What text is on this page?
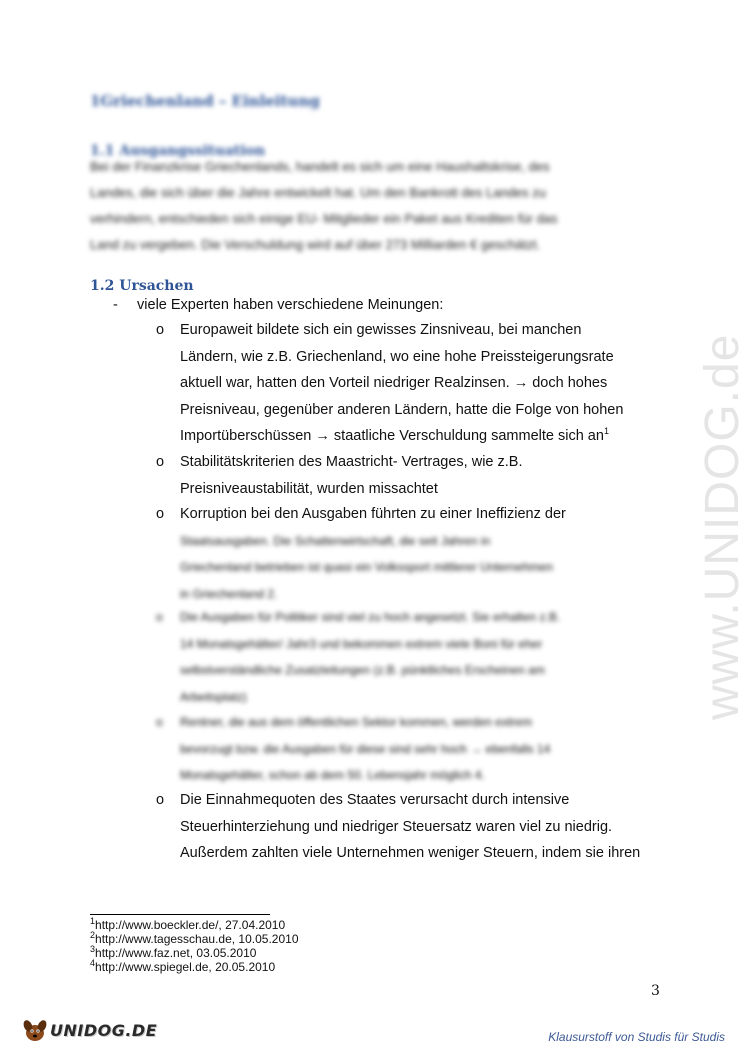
www.UNIDOG.de
1Griechenland – Einleitung
1.1 Ausgangssituation
Bei der Finanzkrise Griechenlands, handelt es sich um eine Haushaltskrise, des
Landes, die sich über die Jahre entwickelt hat. Um den Bankrott des Landes zu
verhindern, entschieden sich einige EU- Mitglieder ein Paket aus Krediten für das
Land zu vergeben. Die Verschuldung wird auf über 273 Milliarden € geschätzt.
1.2 Ursachen
- viele Experten haben verschiedene Meinungen:
o Europaweit bildete sich ein gewisses Zinsniveau, bei manchen
Ländern, wie z.B. Griechenland, wo eine hohe Preissteigerungsrate
aktuell war, hatten den Vorteil niedriger Realzinsen. → doch hohes
Preisniveau, gegenüber anderen Ländern, hatte die Folge von hohen
Importüberschüssen → staatliche Verschuldung sammelte sich $an^1$
o Stabilitätskriterien des Maastricht- Vertrages, wie z.B.
Preisniveaustabilität, wurden missachtet
o Korruption bei den Ausgaben führten zu einer Ineffizienz der
Staatsausgaben. Die Schattenwirtschaft, die seit Jahren in
Griechenland betrieben ist quasi ein Volkssport mittlerer Unternehmen
in Griechenland 2.
o Die Ausgaben für Politiker sind viel zu hoch angesetzt. Sie erhalten z.B.
14 Monatsgehälter/ Jahr3 und bekommen extrem viele Boni für eher
selbstverständliche Zusatzleitungen (z.B. pünktliches Erscheinen am
Arbeitsplatz)
o Rentner, die aus dem öffentlichen Sektor kommen, werden extrem
bevorzugt bzw. die Ausgaben für diese sind sehr hoch → ebenfalls 14
Monatsgehälter, schon ab dem 50. Lebensjahr möglich 4.
o Die Einnahmequoten des Staates verursacht durch intensive
Steuerhinterziehung und niedriger Steuersatz waren viel zu niedrig.
Außerdem zahlten viele Unternehmen weniger Steuern, indem sie ihren
$^1$http://www.boeckler.de/, 27.04.2010
$^2$http://www.tagesschau.de, 10.05.2010
$^3$http://www.faz.net, 03.05.2010
$^4$http://www.spiegel.de, 20.05.2010
3
UNIDOG.DE	Klausurstoff von Studis für Studis
